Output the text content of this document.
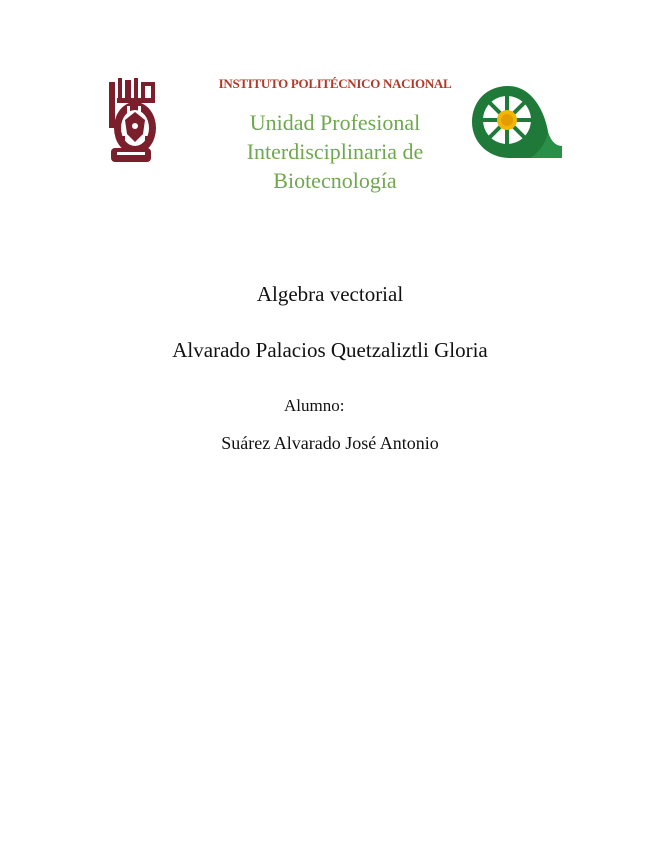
INSTITUTO POLITÉCNICO NACIONAL
Unidad Profesional
Interdisciplinaria de
Biotecnología
Algebra vectorial
Alvarado Palacios Quetzaliztli Gloria
Alumno:
Suárez Alvarado José Antonio
